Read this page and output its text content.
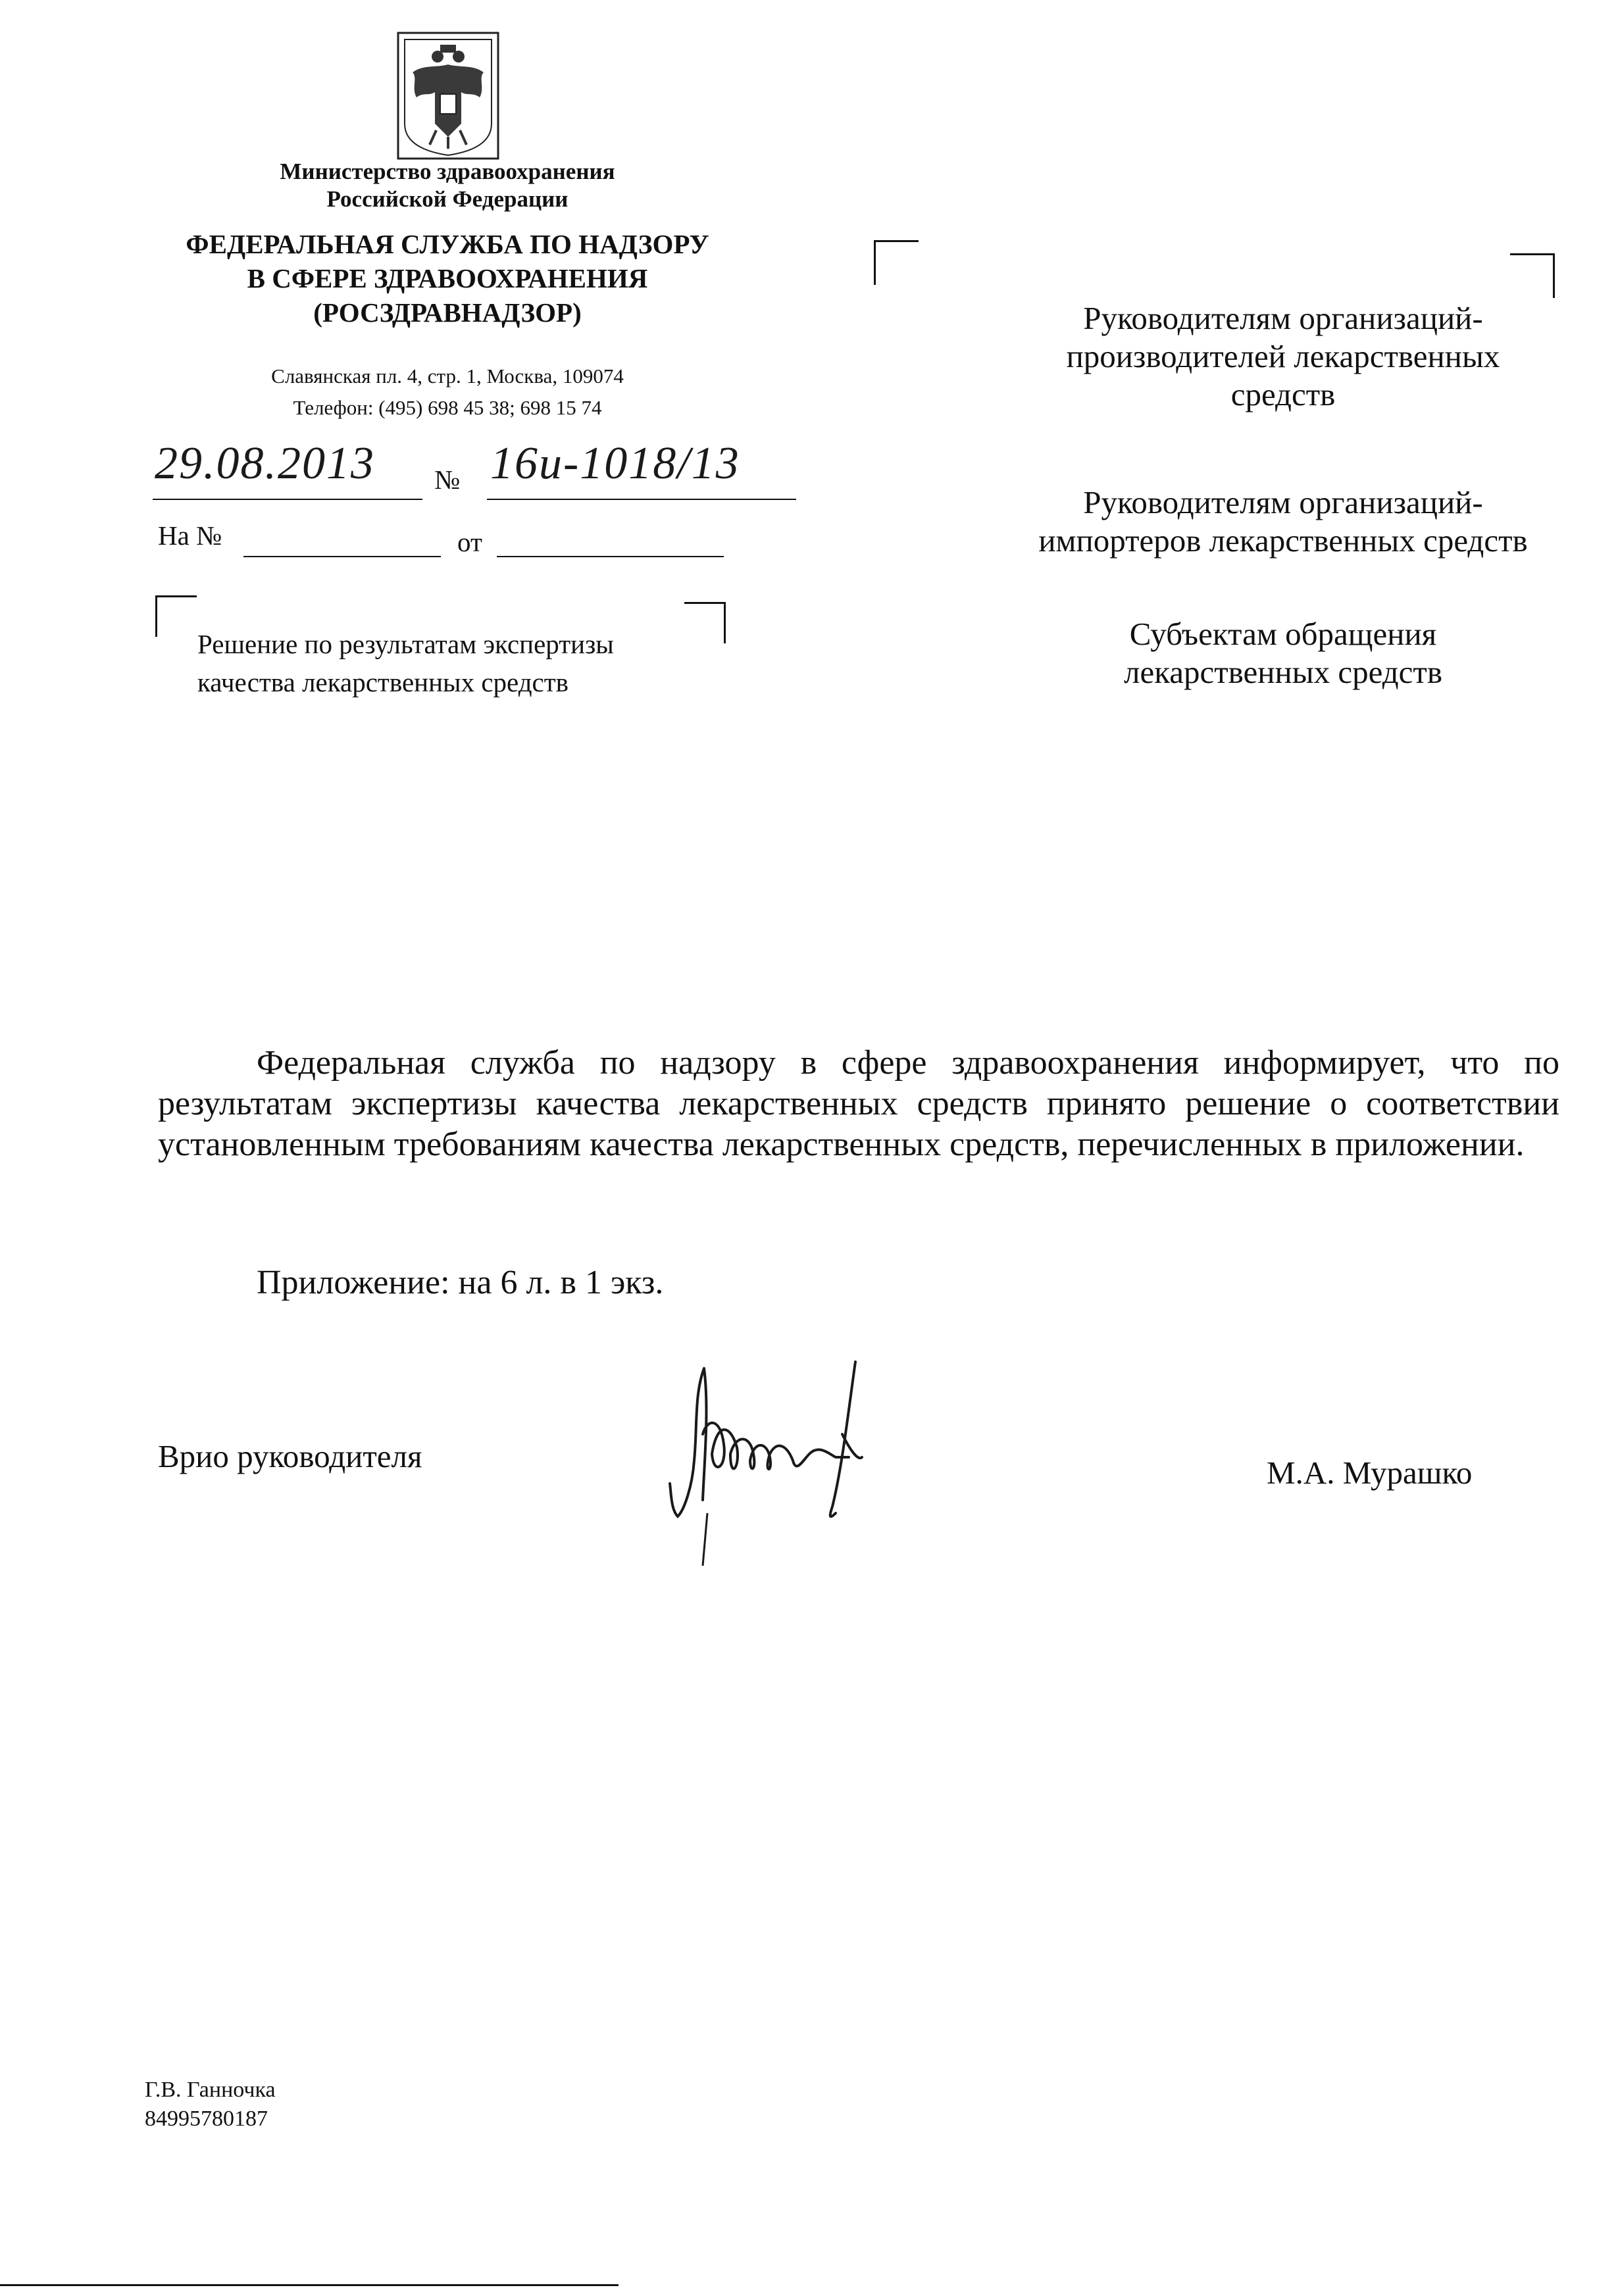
Министерство здравоохранения
Российской Федерации
ФЕДЕРАЛЬНАЯ СЛУЖБА ПО НАДЗОРУ
В СФЕРЕ ЗДРАВООХРАНЕНИЯ
(РОСЗДРАВНАДЗОР)
Славянская пл. 4, стр. 1, Москва, 109074
Телефон: (495) 698 45 38; 698 15 74
29.08.2013 № 16и-1018/13
На №	от
Решение по результатам экспертизы
качества лекарственных средств
Руководителям организаций-
производителей лекарственных
средств
Руководителям организаций-
импортеров лекарственных средств
Субъектам обращения
лекарственных средств
Федеральная служба по надзору в сфере здравоохранения информирует, что по результатам экспертизы качества лекарственных средств принято решение о соответствии установленным требованиям качества лекарственных средств, перечисленных в приложении.
Приложение: на 6 л. в 1 экз.
Врио руководителя	М.А. Мурашко
Г.В. Ганночка
84995780187
